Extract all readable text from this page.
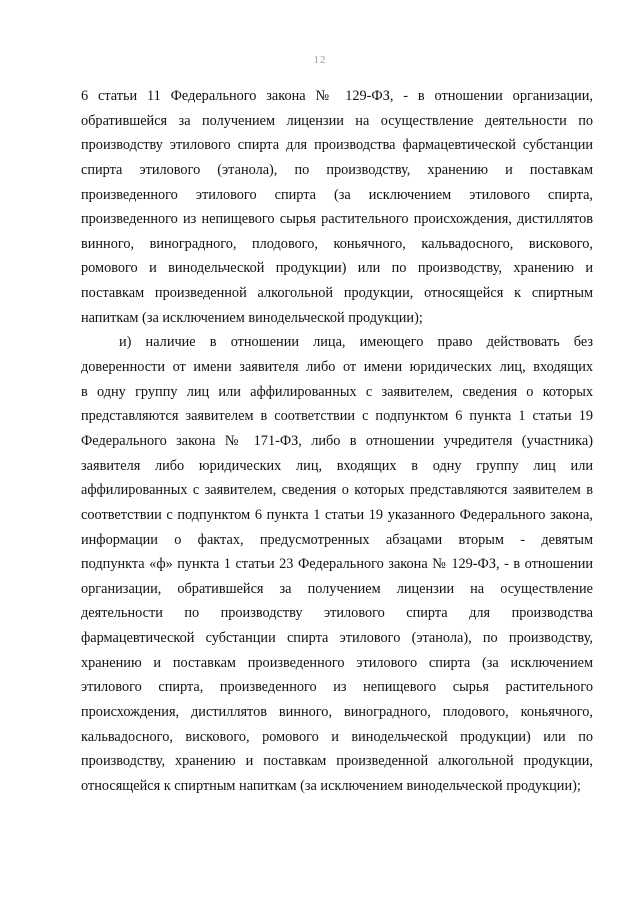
12
6 статьи 11 Федерального закона № 129-ФЗ, - в отношении организации,
обратившейся за получением лицензии на осуществление деятельности по
производству этилового спирта для производства фармацевтической субстанции
спирта этилового (этанола), по производству, хранению и поставкам
произведенного этилового спирта (за исключением этилового спирта,
произведенного из непищевого сырья растительного происхождения, дистиллятов
винного, виноградного, плодового, коньячного, кальвадосного, вискового,
ромового и винодельческой продукции) или по производству, хранению и
поставкам произведенной алкогольной продукции, относящейся к спиртным
напиткам (за исключением винодельческой продукции);
и) наличие в отношении лица, имеющего право действовать без
доверенности от имени заявителя либо от имени юридических лиц, входящих
в одну группу лиц или аффилированных с заявителем, сведения о которых
представляются заявителем в соответствии с подпунктом 6 пункта 1 статьи 19
Федерального закона № 171-ФЗ, либо в отношении учредителя (участника)
заявителя либо юридических лиц, входящих в одну группу лиц или
аффилированных с заявителем, сведения о которых представляются заявителем в
соответствии с подпунктом 6 пункта 1 статьи 19 указанного Федерального закона,
информации о фактах, предусмотренных абзацами вторым - девятым
подпункта «ф» пункта 1 статьи 23 Федерального закона № 129-ФЗ, - в отношении
организации, обратившейся за получением лицензии на осуществление
деятельности по производству этилового спирта для производства
фармацевтической субстанции спирта этилового (этанола), по производству,
хранению и поставкам произведенного этилового спирта (за исключением
этилового спирта, произведенного из непищевого сырья растительного
происхождения, дистиллятов винного, виноградного, плодового, коньячного,
кальвадосного, вискового, ромового и винодельческой продукции) или по
производству, хранению и поставкам произведенной алкогольной продукции,
относящейся к спиртным напиткам (за исключением винодельческой продукции);
